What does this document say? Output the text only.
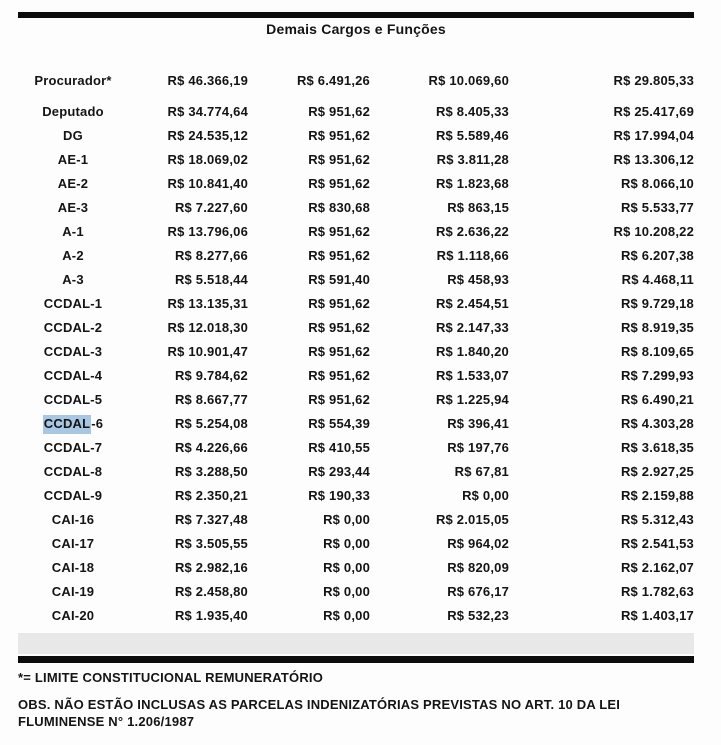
Demais Cargos e Funções
Procurador*	R$ 46.366,19	R$ 6.491,26	R$ 10.069,60	R$ 29.805,33
Deputado	R$ 34.774,64	R$ 951,62	R$ 8.405,33	R$ 25.417,69
DG	R$ 24.535,12	R$ 951,62	R$ 5.589,46	R$ 17.994,04
AE-1	R$ 18.069,02	R$ 951,62	R$ 3.811,28	R$ 13.306,12
AE-2	R$ 10.841,40	R$ 951,62	R$ 1.823,68	R$ 8.066,10
AE-3	R$ 7.227,60	R$ 830,68	R$ 863,15	R$ 5.533,77
A-1	R$ 13.796,06	R$ 951,62	R$ 2.636,22	R$ 10.208,22
A-2	R$ 8.277,66	R$ 951,62	R$ 1.118,66	R$ 6.207,38
A-3	R$ 5.518,44	R$ 591,40	R$ 458,93	R$ 4.468,11
CCDAL-1	R$ 13.135,31	R$ 951,62	R$ 2.454,51	R$ 9.729,18
CCDAL-2	R$ 12.018,30	R$ 951,62	R$ 2.147,33	R$ 8.919,35
CCDAL-3	R$ 10.901,47	R$ 951,62	R$ 1.840,20	R$ 8.109,65
CCDAL-4	R$ 9.784,62	R$ 951,62	R$ 1.533,07	R$ 7.299,93
CCDAL-5	R$ 8.667,77	R$ 951,62	R$ 1.225,94	R$ 6.490,21
CCDAL-6	R$ 5.254,08	R$ 554,39	R$ 396,41	R$ 4.303,28
CCDAL-7	R$ 4.226,66	R$ 410,55	R$ 197,76	R$ 3.618,35
CCDAL-8	R$ 3.288,50	R$ 293,44	R$ 67,81	R$ 2.927,25
CCDAL-9	R$ 2.350,21	R$ 190,33	R$ 0,00	R$ 2.159,88
CAI-16	R$ 7.327,48	R$ 0,00	R$ 2.015,05	R$ 5.312,43
CAI-17	R$ 3.505,55	R$ 0,00	R$ 964,02	R$ 2.541,53
CAI-18	R$ 2.982,16	R$ 0,00	R$ 820,09	R$ 2.162,07
CAI-19	R$ 2.458,80	R$ 0,00	R$ 676,17	R$ 1.782,63
CAI-20	R$ 1.935,40	R$ 0,00	R$ 532,23	R$ 1.403,17
*= LIMITE CONSTITUCIONAL REMUNERATÓRIO
OBS. NÃO ESTÃO INCLUSAS AS PARCELAS INDENIZATÓRIAS PREVISTAS NO ART. 10 DA LEI
FLUMINENSE N° 1.206/1987
